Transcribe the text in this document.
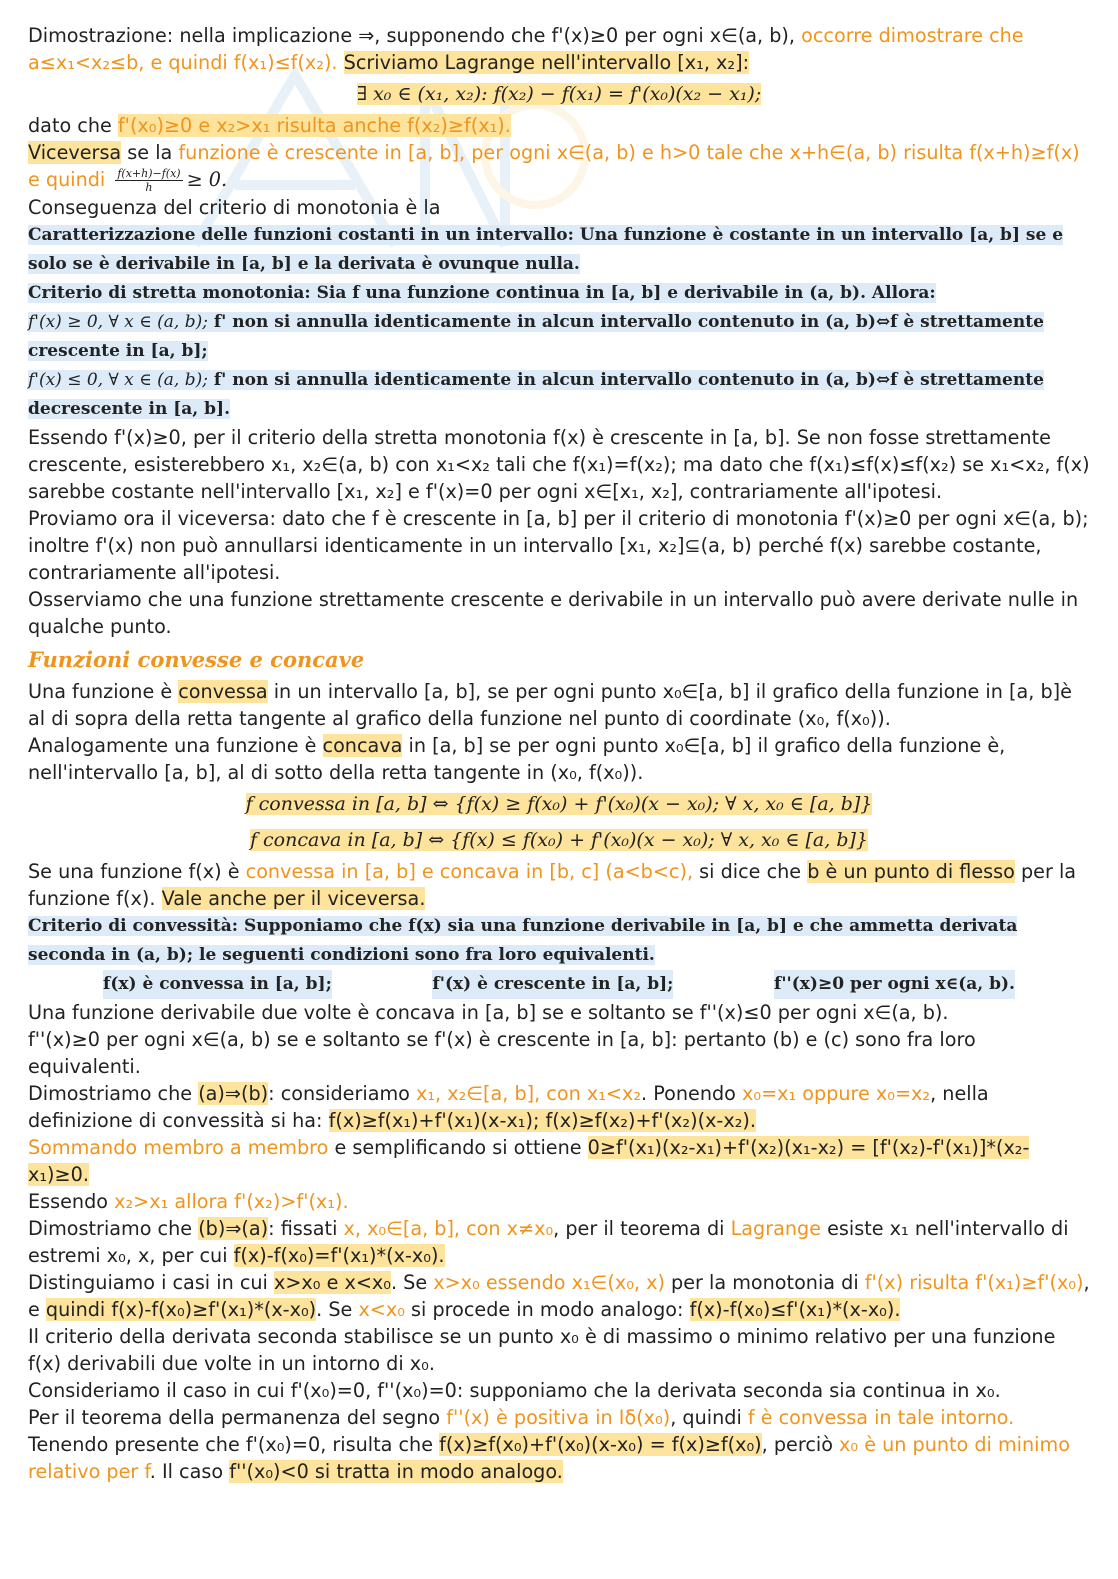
Dimostrazione: nella implicazione ⇒, supponendo che f'(x)≥0 per ogni x∈(a, b), occorre dimostrare che a≤x₁<x₂≤b, e quindi f(x₁)≤f(x₂). Scriviamo Lagrange nell'intervallo [x₁, x₂]:

∃ x₀ ∈ (x₁, x₂): f(x₂) − f(x₁) = f'(x₀)(x₂ − x₁);

dato che f'(x₀)≥0 e x₂>x₁ risulta anche f(x₂)≥f(x₁).

Viceversa se la funzione è crescente in [a, b], per ogni x∈(a, b) e h>0 tale che x+h∈(a, b) risulta f(x+h)≥f(x) e quindi $\frac{f(x+h)-f(x)}{h} \ge 0$.

Conseguenza del criterio di monotonia è la

Caratterizzazione delle funzioni costanti in un intervallo: Una funzione è costante in un intervallo [a, b] se e solo se è derivabile in [a, b] e la derivata è ovunque nulla.

Criterio di stretta monotonia: Sia f una funzione continua in [a, b] e derivabile in (a, b). Allora:

f'(x) ≥ 0, ∀ x ∈ (a, b); f' non si annulla identicamente in alcun intervallo contenuto in (a, b)⇔f è strettamente crescente in [a, b];

f'(x) ≤ 0, ∀ x ∈ (a, b); f' non si annulla identicamente in alcun intervallo contenuto in (a, b)⇔f è strettamente decrescente in [a, b].

Essendo f'(x)≥0, per il criterio della stretta monotonia f(x) è crescente in [a, b]. Se non fosse strettamente crescente, esisterebbero x₁, x₂∈(a, b) con x₁<x₂ tali che f(x₁)=f(x₂); ma dato che f(x₁)≤f(x)≤f(x₂) se x₁<x₂, f(x) sarebbe costante nell'intervallo [x₁, x₂] e f'(x)=0 per ogni x∈[x₁, x₂], contrariamente all'ipotesi.

Proviamo ora il viceversa: dato che f è crescente in [a, b] per il criterio di monotonia f'(x)≥0 per ogni x∈(a, b); inoltre f'(x) non può annullarsi identicamente in un intervallo [x₁, x₂]⊆(a, b) perché f(x) sarebbe costante, contrariamente all'ipotesi.

Osserviamo che una funzione strettamente crescente e derivabile in un intervallo può avere derivate nulle in qualche punto.

Funzioni convesse e concave

Una funzione è convessa in un intervallo [a, b], se per ogni punto x₀∈[a, b] il grafico della funzione in [a, b]è al di sopra della retta tangente al grafico della funzione nel punto di coordinate (x₀, f(x₀)).

Analogamente una funzione è concava in [a, b] se per ogni punto x₀∈[a, b] il grafico della funzione è, nell'intervallo [a, b], al di sotto della retta tangente in (x₀, f(x₀)).

f convessa in [a, b] ⇔ {f(x) ≥ f(x₀) + f'(x₀)(x − x₀); ∀ x, x₀ ∈ [a, b]}

f concava in [a, b] ⇔ {f(x) ≤ f(x₀) + f'(x₀)(x − x₀); ∀ x, x₀ ∈ [a, b]}

Se una funzione f(x) è convessa in [a, b] e concava in [b, c] (a<b<c), si dice che b è un punto di flesso per la funzione f(x). Vale anche per il viceversa.

Criterio di convessità: Supponiamo che f(x) sia una funzione derivabile in [a, b] e che ammetta derivata seconda in (a, b); le seguenti condizioni sono fra loro equivalenti.

f(x) è convessa in [a, b];	f'(x) è crescente in [a, b];	f''(x)≥0 per ogni x∈(a, b).

Una funzione derivabile due volte è concava in [a, b] se e soltanto se f''(x)≤0 per ogni x∈(a, b).

f''(x)≥0 per ogni x∈(a, b) se e soltanto se f'(x) è crescente in [a, b]: pertanto (b) e (c) sono fra loro equivalenti.

Dimostriamo che (a)⇒(b): consideriamo x₁, x₂∈[a, b], con x₁<x₂. Ponendo x₀=x₁ oppure x₀=x₂, nella definizione di convessità si ha: f(x)≥f(x₁)+f'(x₁)(x-x₁); f(x)≥f(x₂)+f'(x₂)(x-x₂).

Sommando membro a membro e semplificando si ottiene 0≥f'(x₁)(x₂-x₁)+f'(x₂)(x₁-x₂) = [f'(x₂)-f'(x₁)]*(x₂-x₁)≥0.

Essendo x₂>x₁ allora f'(x₂)>f'(x₁).

Dimostriamo che (b)⇒(a): fissati x, x₀∈[a, b], con x≠x₀, per il teorema di Lagrange esiste x₁ nell'intervallo di estremi x₀, x, per cui f(x)-f(x₀)=f'(x₁)*(x-x₀).

Distinguiamo i casi in cui x>x₀ e x<x₀. Se x>x₀ essendo x₁∈(x₀, x) per la monotonia di f'(x) risulta f'(x₁)≥f'(x₀), e quindi f(x)-f(x₀)≥f'(x₁)*(x-x₀). Se x<x₀ si procede in modo analogo: f(x)-f(x₀)≤f'(x₁)*(x-x₀).

Il criterio della derivata seconda stabilisce se un punto x₀ è di massimo o minimo relativo per una funzione f(x) derivabili due volte in un intorno di x₀.

Consideriamo il caso in cui f'(x₀)=0, f''(x₀)=0: supponiamo che la derivata seconda sia continua in x₀.

Per il teorema della permanenza del segno f''(x) è positiva in Iδ(x₀), quindi f è convessa in tale intorno.

Tenendo presente che f'(x₀)=0, risulta che f(x)≥f(x₀)+f'(x₀)(x-x₀) = f(x)≥f(x₀), perciò x₀ è un punto di minimo relativo per f. Il caso f''(x₀)<0 si tratta in modo analogo.
